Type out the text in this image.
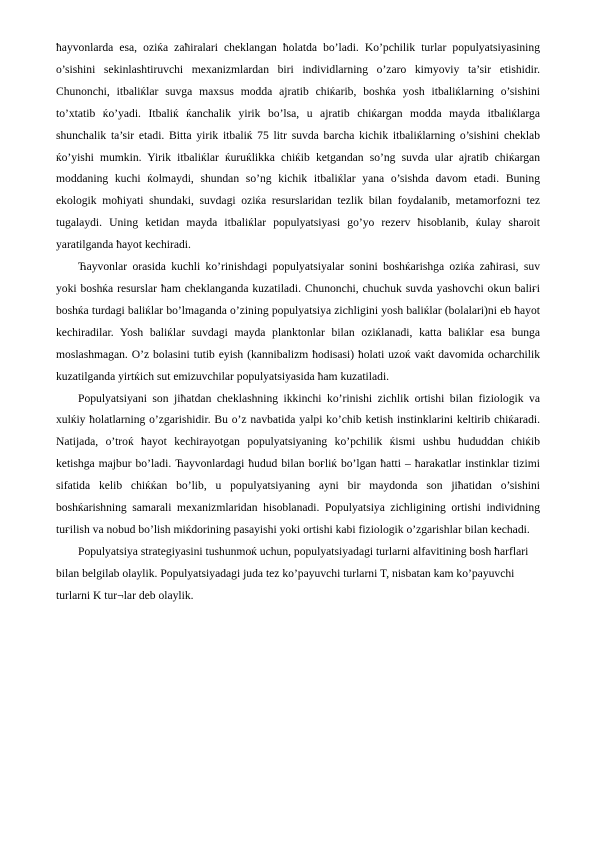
ħayvonlarda esa, oziќa zaħiralari cheklangan ħolatda bo’ladi. Ko’pchilik turlar populyatsiyasining o’sishini sekinlashtiruvchi mexanizmlardan biri individlarning o’zaro kimyoviy ta’sir etishidir. Chunonchi, itbaliќlar suvga maxsus modda ajratib chiќarib, boshќa yosh itbaliќlarning o’sishini to’xtatib ќo’yadi. Itbaliќ ќanchalik yirik bo’lsa, u ajratib chiќargan modda mayda itbaliќlarga shunchalik ta’sir etadi. Bitta yirik itbaliќ 75 litr suvda barcha kichik itbaliќlarning o’sishini cheklab ќo’yishi mumkin. Yirik itbaliќlar ќuruќlikka chiќib ketgandan so’ng suvda ular ajratib chiќargan moddaning kuchi ќolmaydi, shundan so’ng kichik itbaliќlar yana o’sishda davom etadi. Buning ekologik moħiyati shundaki, suvdagi oziќa resurslaridan tezlik bilan foydalanib, metamorfozni tez tugalaydi. Uning ketidan mayda itbaliќlar populyatsiyasi go’yo rezerv ħisoblanib, ќulay sharoit yaratilganda ħayot kechiradi.

Ћayvonlar orasida kuchli ko’rinishdagi populyatsiyalar sonini boshќarishga oziќa zaħirasi, suv yoki boshќa resurslar ħam cheklanganda kuzatiladi. Chunonchi, chuchuk suvda yashovchi okun baliғi boshќa turdagi baliќlar bo’lmaganda o’zining populyatsiya zichligini yosh baliќlar (bolalari)ni eb ħayot kechiradilar. Yosh baliќlar suvdagi mayda planktonlar bilan oziќlanadi, katta baliќlar esa bunga moslashmagan. O’z bolasini tutib eyish (kannibalizm ħodisasi) ħolati uzoќ vaќt davomida ocharchilik kuzatilganda yirtќich sut emizuvchilar populyatsiyasida ħam kuzatiladi.

Populyatsiyani son jiħatdan cheklashning ikkinchi ko’rinishi zichlik ortishi bilan fiziologik va xulќiy ħolatlarning o’zgarishidir. Bu o’z navbatida yalpi ko’chib ketish instinklarini keltirib chiќaradi. Natijada, o’troќ ħayot kechirayotgan populyatsiyaning ko’pchilik ќismi ushbu ħududdan chiќib ketishga majbur bo’ladi. Ћayvonlardagi ħudud bilan boғliќ bo’lgan ħatti – ħarakatlar instinklar tizimi sifatida kelib chiќќan bo’lib, u populyatsiyaning ayni bir maydonda son jiħatidan o’sishini boshќarishning samarali mexanizmlaridan hisoblanadi. Populyatsiya zichligining ortishi individning tuғilish va nobud bo’lish miќdorining pasayishi yoki ortishi kabi fiziologik o’zgarishlar bilan kechadi.

Populyatsiya strategiyasini tushunmoќ uchun, populyatsiyadagi turlarni alfavitining bosh ħarflari bilan belgilab olaylik. Populyatsiyadagi juda tez ko’payuvchi turlarni T, nisbatan kam ko’payuvchi turlarni K tur¬lar deb olaylik.
